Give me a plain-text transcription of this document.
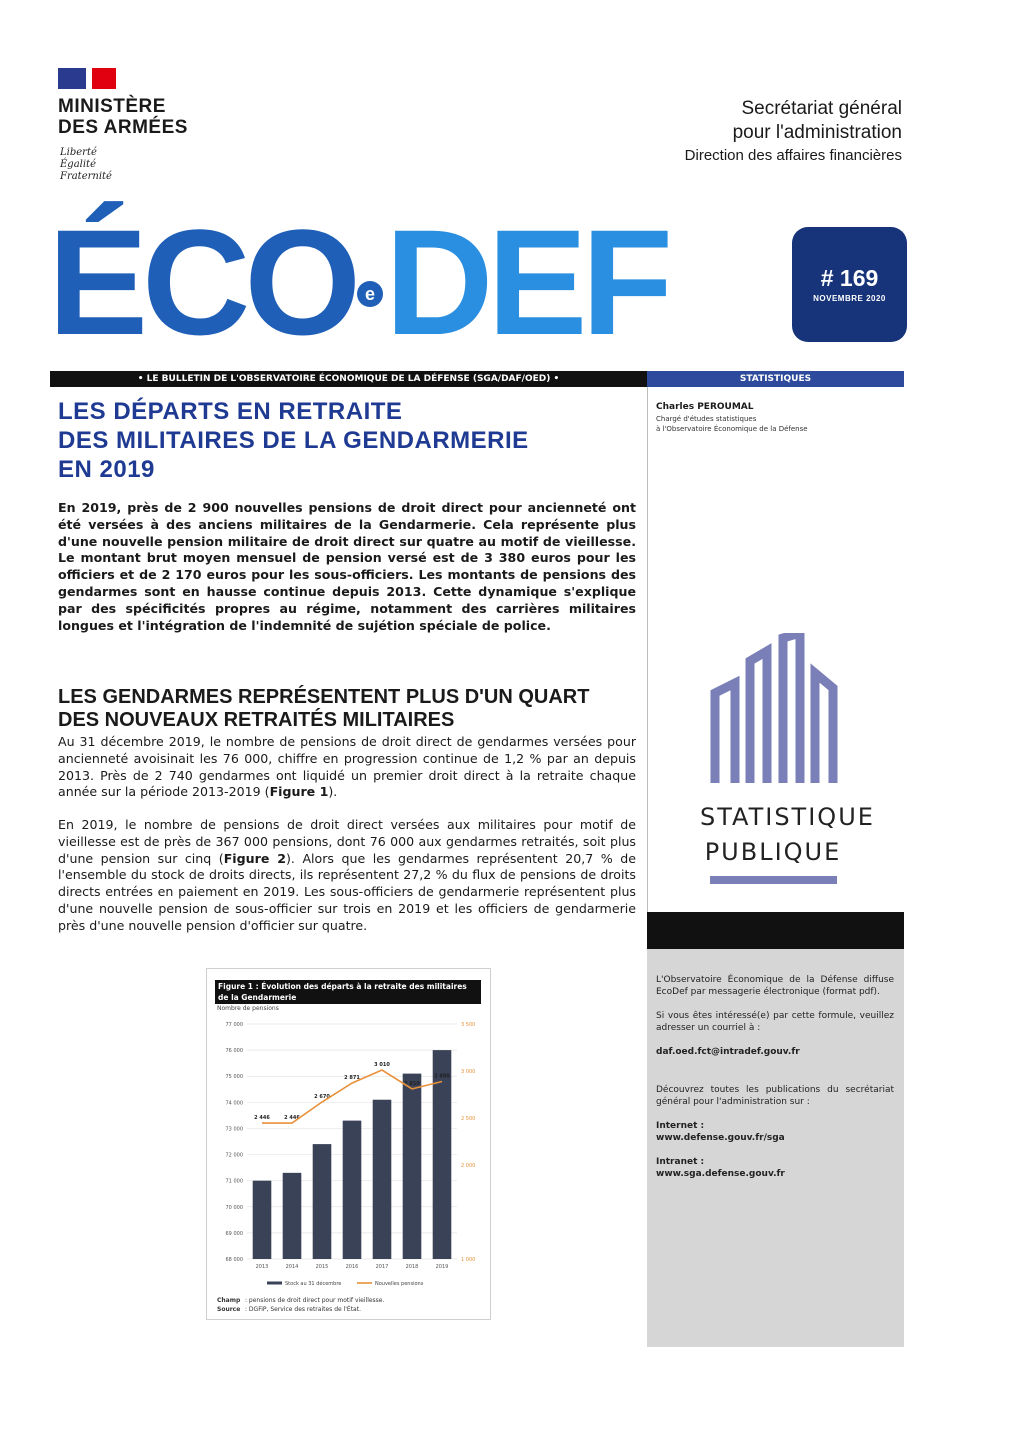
MINISTÈRE
DES ARMÉES
Liberté
Égalité
Fraternité
Secrétariat général
pour l'administration
Direction des affaires financières
ÉCO eDEF	# 169
NOVEMBRE 2020
• LE BULLETIN DE L'OBSERVATOIRE ÉCONOMIQUE DE LA DÉFENSE (SGA/DAF/OED) •	STATISTIQUES
Charles PEROUMAL
Chargé d'études statistiques
à l'Observatoire Économique de la Défense
STATISTIQUE
PUBLIQUE

L'Observatoire Économique de la Défense diffuse EcoDef par messagerie électronique (format pdf).

Si vous êtes intéressé(e) par cette formule, veuillez adresser un courriel à :

daf.oed.fct@intradef.gouv.fr

Découvrez toutes les publications du secrétariat général pour l'administration sur :

Internet :
www.defense.gouv.fr/sga

Intranet :
www.sga.defense.gouv.fr

LES DÉPARTS EN RETRAITE
DES MILITAIRES DE LA GENDARMERIE
EN 2019
En 2019, près de 2 900 nouvelles pensions de droit direct pour ancienneté ont été versées à des anciens militaires de la Gendarmerie. Cela représente plus d'une nouvelle pension militaire de droit direct sur quatre au motif de vieillesse. Le montant brut moyen mensuel de pension versé est de 3 380 euros pour les officiers et de 2 170 euros pour les sous-officiers. Les montants de pensions des gendarmes sont en hausse continue depuis 2013. Cette dynamique s'explique par des spécificités propres au régime, notamment des carrières militaires longues et l'intégration de l'indemnité de sujétion spéciale de police.
LES GENDARMES REPRÉSENTENT PLUS D'UN QUART
DES NOUVEAUX RETRAITÉS MILITAIRES
Au 31 décembre 2019, le nombre de pensions de droit direct de gendarmes versées pour ancienneté avoisinait les 76 000, chiffre en progression continue de 1,2 % par an depuis 2013. Près de 2 740 gendarmes ont liquidé un premier droit direct à la retraite chaque année sur la période 2013-2019 (Figure 1).
En 2019, le nombre de pensions de droit direct versées aux militaires pour motif de vieillesse est de près de 367 000 pensions, dont 76 000 aux gendarmes retraités, soit plus d'une pension sur cinq (Figure 2). Alors que les gendarmes représentent 20,7 % de l'ensemble du stock de droits directs, ils représentent 27,2 % du flux de pensions de droits directs entrées en paiement en 2019. Les sous-officiers de gendarmerie représentent plus d'une nouvelle pension de sous-officier sur trois en 2019 et les officiers de gendarmerie près d'une nouvelle pension d'officier sur quatre.
Figure 1 : Évolution des départs à la retraite des militaires de la Gendarmerie
Nombre de pensions
68 000
69 000
70 000
71 000
72 000
73 000
74 000
75 000
76 000
77 000
1 000
2 000
2 500
3 000
3 500
2013
2 446
2014
2 446
2015
2 670
2016
2 871
2017
3 010
2018
2 810
2019
2 888
Stock au 31 décembre	Nouvelles pensions
Champ : pensions de droit direct pour motif vieillesse.
Source : DGFiP, Service des retraites de l'État.
